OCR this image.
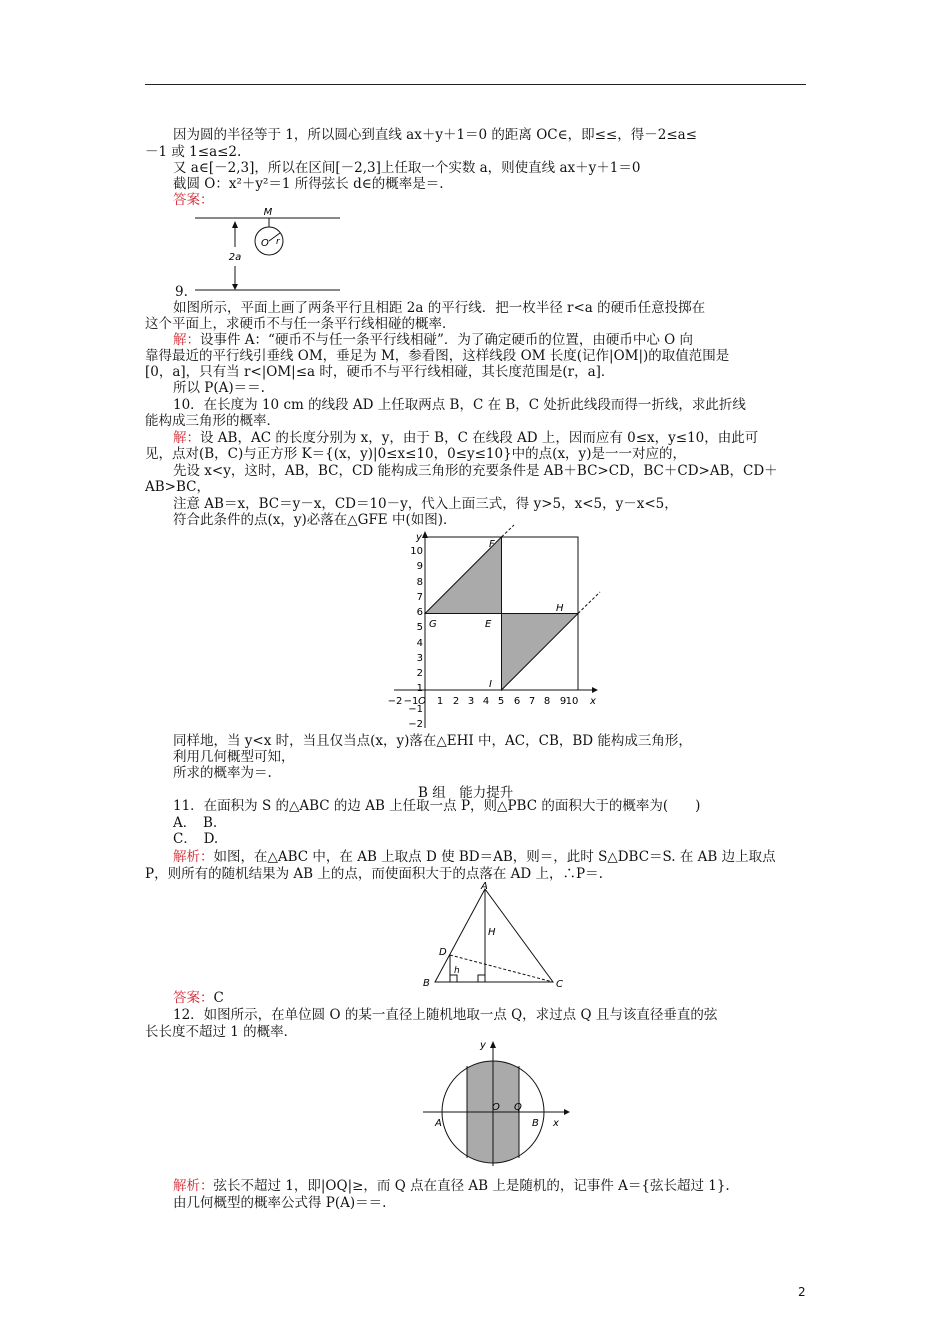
因为圆的半径等于 1，所以圆心到直线 ax＋y＋1＝0 的距离 OC∈，即≤≤，得－2≤a≤
－1 或 1≤a≤2.
又 a∈[－2,3]，所以在区间[－2,3]上任取一个实数 a，则使直线 ax＋y＋1＝0
截圆 O：x²＋y²＝1 所得弦长 d∈的概率是＝.
答案：
M
2a
O r
9.
如图所示，平面上画了两条平行且相距 2a 的平行线．把一枚半径 r<a 的硬币任意投掷在
这个平面上，求硬币不与任一条平行线相碰的概率．
解：设事件 A：“硬币不与任一条平行线相碰”．为了确定硬币的位置，由硬币中心 O 向
靠得最近的平行线引垂线 OM，垂足为 M，参看图，这样线段 OM 长度(记作|OM|)的取值范围是
[0，a]，只有当 r<|OM|≤a 时，硬币不与平行线相碰，其长度范围是(r，a]．
所以 P(A)＝＝.
10．在长度为 10 cm 的线段 AD 上任取两点 B，C 在 B，C 处折此线段而得一折线，求此折线
能构成三角形的概率．
解：设 AB，AC 的长度分别为 x，y，由于 B，C 在线段 AD 上，因而应有 0≤x，y≤10，由此可
见，点对(B，C)与正方形 K＝{(x，y)|0≤x≤10，0≤y≤10}中的点(x，y)是一一对应的，
先设 x<y，这时，AB，BC，CD 能构成三角形的充要条件是 AB＋BC>CD，BC＋CD>AB，CD＋
AB>BC，
注意 AB＝x，BC＝y－x，CD＝10－y，代入上面三式，得 y>5，x<5，y－x<5，
符合此条件的点(x，y)必落在△GFE 中(如图)．
x
y
10
9
8
7
6
5
4
3
2
1
−1
−2
−2 −1 O 1 2 3 4 5 6 7 8 9 10
F
G	E
H
I
同样地，当 y<x 时，当且仅当点(x，y)落在△EHI 中，AC，CB，BD 能构成三角形，
利用几何概型可知，
所求的概率为＝.
B 组　能力提升
11．在面积为 S 的△ABC 的边 AB 上任取一点 P，则△PBC 的面积大于的概率为(　　)
A．　B.
C．　D.
解析：如图，在△ABC 中，在 AB 上取点 D 使 BD＝AB，则＝，此时 S△DBC＝S. 在 AB 边上取点
P，则所有的随机结果为 AB 上的点，而使面积大于的点落在 AD 上，∴P＝.
A
B	C
D
H
h
答案：C
12．如图所示，在单位圆 O 的某一直径上随机地取一点 Q，求过点 Q 且与该直径垂直的弦
长长度不超过 1 的概率．
y
x
O Q
A	B
解析：弦长不超过 1，即|OQ|≥，而 Q 点在直径 AB 上是随机的，记事件 A＝{弦长超过 1}.
由几何概型的概率公式得 P(A)＝＝.
2
